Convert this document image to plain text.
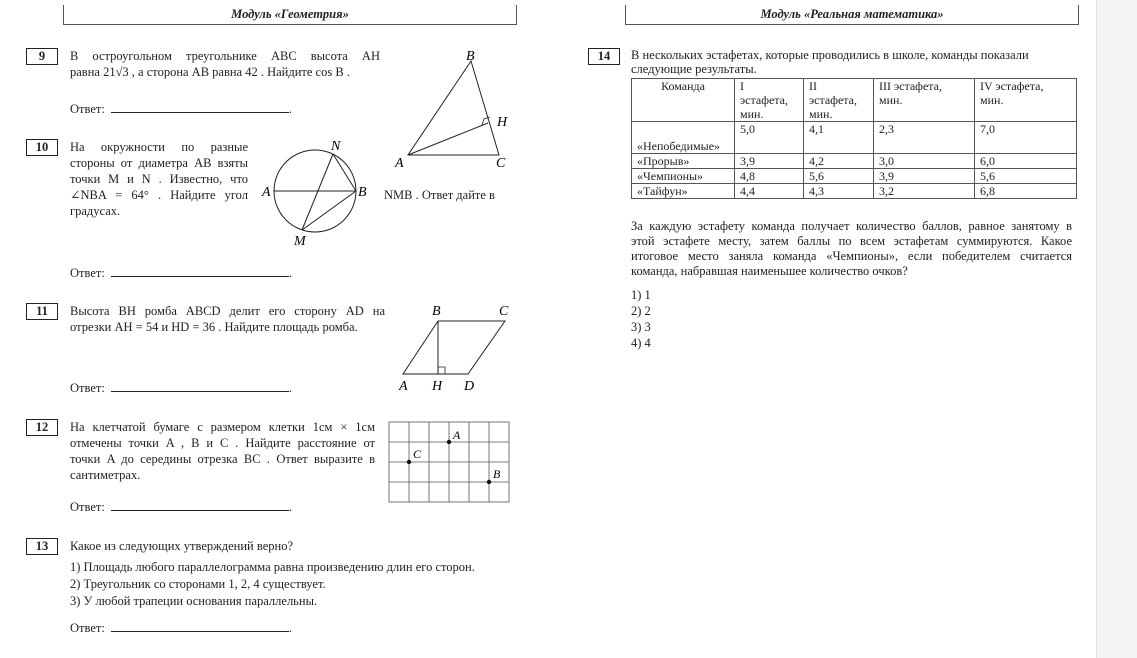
Модуль «Геометрия»	Модуль «Реальная математика»
9	В остроугольном треугольнике ABC высота AH
равна 21√3 , а сторона AB равна 42 . Найдите cos B .
Ответ:	.
B
H
A	C
10	На окружности по разные
стороны от диаметра AB взяты
точки M и N . Известно, что
∠NBA = 64° . Найдите угол
градусах.
NMB . Ответ дайте в
N
A	B
M
Ответ:	.
11	Высота BH ромба ABCD делит его сторону AD на
отрезки AH = 54 и HD = 36 . Найдите площадь ромба.
B	C
A H D
Ответ:	.
12	На клетчатой бумаге с размером клетки 1см × 1см
отмечены точки A , B и C . Найдите расстояние от
точки A до середины отрезка BC . Ответ выразите в
сантиметрах.
A
C
B
Ответ:	.
13	Какое из следующих утверждений верно?
1) Площадь любого параллелограмма равна произведению длин его сторон.
2) Треугольник со сторонами 1, 2, 4 существует.
3) У любой трапеции основания параллельны.
Ответ:	.
14	В нескольких эстафетах, которые проводились в школе, команды показали
следующие результаты.
Команда	I
эстафета,
мин.	II
эстафета,
мин.	III эстафета,
мин.	IV эстафета,
мин.
«Непобедимые»	5,0	4,1	2,3	7,0
«Прорыв»	3,9	4,2	3,0	6,0
«Чемпионы»	4,8	5,6	3,9	5,6
«Тайфун»	4,4	4,3	3,2	6,8
За каждую эстафету команда получает количество баллов, равное занятому в
этой эстафете месту, затем баллы по всем эстафетам суммируются. Какое
итоговое место заняла команда «Чемпионы», если победителем считается
команда, набравшая наименьшее количество очков?
1) 1
2) 2
3) 3
4) 4
